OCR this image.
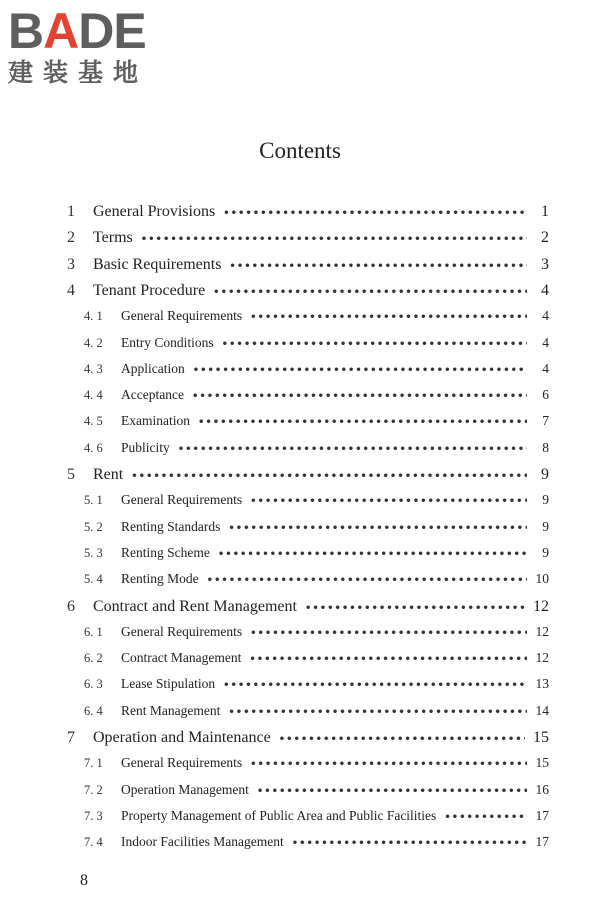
BADE
建装基地
Contents
1	General Provisions •••••	1
2	Terms •••••	2
3	Basic Requirements •••••	3
4	Tenant Procedure •••••	4
4. 1	General Requirements •••••	4
4. 2	Entry Conditions •••••	4
4. 3	Application •••••	4
4. 4	Acceptance •••••	6
4. 5	Examination •••••	7
4. 6	Publicity •••••	8
5	Rent •••••	9
5. 1	General Requirements •••••	9
5. 2	Renting Standards •••••	9
5. 3	Renting Scheme •••••	9
5. 4	Renting Mode •••••	10
6	Contract and Rent Management •••••	12
6. 1	General Requirements •••••	12
6. 2	Contract Management •••••	12
6. 3	Lease Stipulation •••••	13
6. 4	Rent Management •••••	14
7	Operation and Maintenance •••••	15
7. 1	General Requirements •••••	15
7. 2	Operation Management •••••	16
7. 3	Property Management of Public Area and Public Facilities •••••	17
7. 4	Indoor Facilities Management •••••	17
8
